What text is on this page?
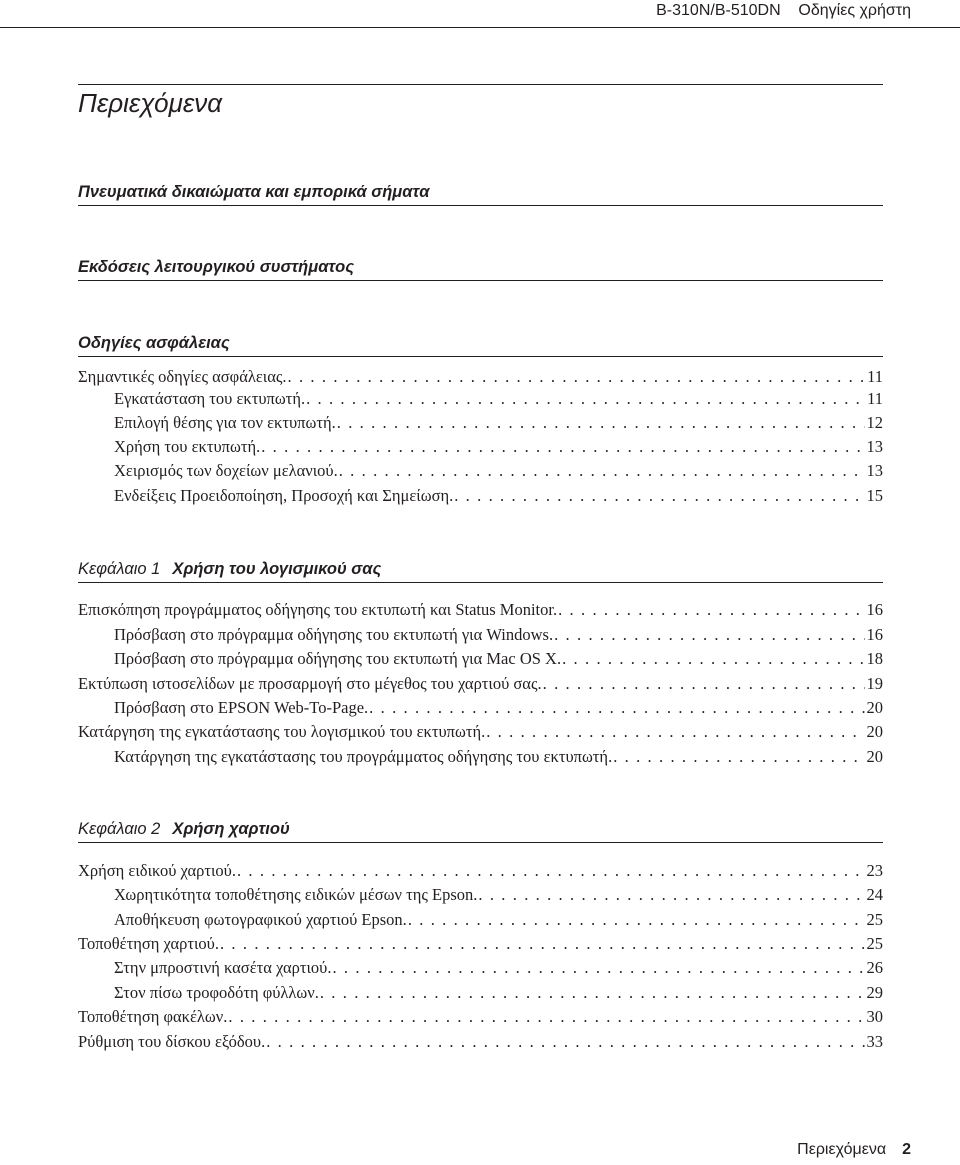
B-310N/B-510DN    Οδηγίες χρήστη
Περιεχόμενα
Πνευματικά δικαιώματα και εμπορικά σήματα
Εκδόσεις λειτουργικού συστήματος
Οδηγίες ασφάλειας
Σημαντικές οδηγίες ασφάλειας. . . .	11
Εγκατάσταση του εκτυπωτή. . . .	11
Επιλογή θέσης για τον εκτυπωτή. . . .	12
Χρήση του εκτυπωτή. . . .	13
Χειρισμός των δοχείων μελανιού. . . .	13
Ενδείξεις Προειδοποίηση, Προσοχή και Σημείωση. . . .	15
Κεφάλαιο 1 Χρήση του λογισμικού σας
Επισκόπηση προγράμματος οδήγησης του εκτυπωτή και Status Monitor. . . .	16
Πρόσβαση στο πρόγραμμα οδήγησης του εκτυπωτή για Windows. . . .	16
Πρόσβαση στο πρόγραμμα οδήγησης του εκτυπωτή για Mac OS X. . . .	18
Εκτύπωση ιστοσελίδων με προσαρμογή στο μέγεθος του χαρτιού σας. . . .	19
Πρόσβαση στο EPSON Web-To-Page. . . .	20
Κατάργηση της εγκατάστασης του λογισμικού του εκτυπωτή. . . .	20
Κατάργηση της εγκατάστασης του προγράμματος οδήγησης του εκτυπωτή. . . .	20
Κεφάλαιο 2 Χρήση χαρτιού
Χρήση ειδικού χαρτιού. . . .	23
Χωρητικότητα τοποθέτησης ειδικών μέσων της Epson. . . .	24
Αποθήκευση φωτογραφικού χαρτιού Epson. . . .	25
Τοποθέτηση χαρτιού. . . .	25
Στην μπροστινή κασέτα χαρτιού. . . .	26
Στον πίσω τροφοδότη φύλλων. . . .	29
Τοποθέτηση φακέλων. . . .	30
Ρύθμιση του δίσκου εξόδου. . . .	33
Περιεχόμενα 2
